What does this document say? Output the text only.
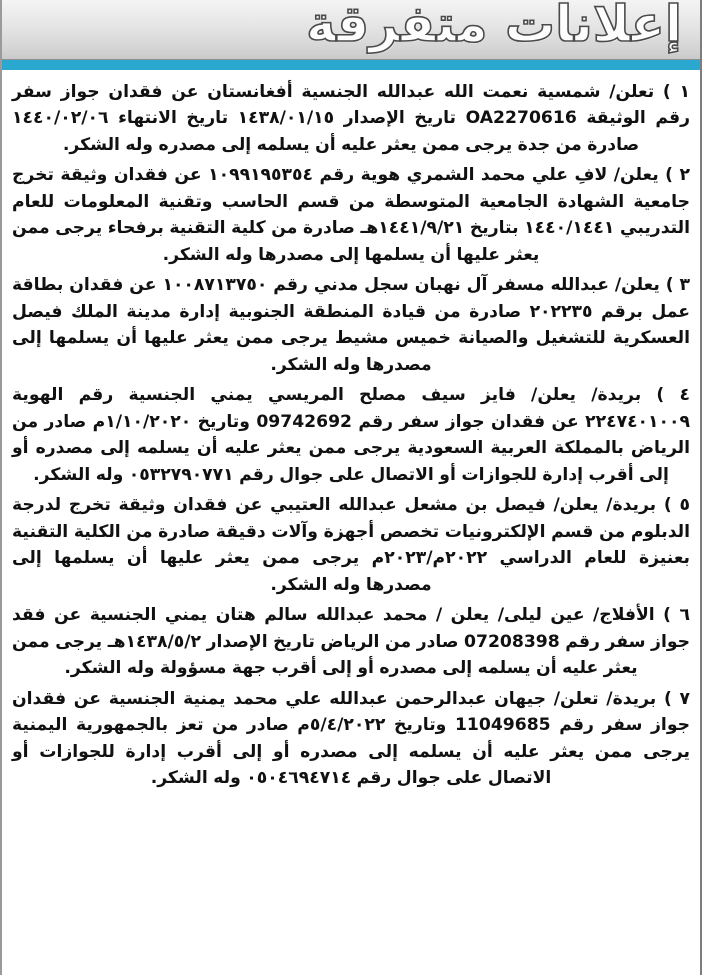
إعلانات متفرقة

١ ) تعلن/ شمسية نعمت الله عبدالله الجنسية أفغانستان عن فقدان جواز سفر رقم الوثيقة OA2270616 تاريخ الإصدار ١٤٣٨/٠١/١٥ تاريخ الانتهاء ١٤٤٠/٠٢/٠٦ صادرة من جدة يرجى ممن يعثر عليه أن يسلمه إلى مصدره وله الشكر.

٢ ) يعلن/ لافِ علي محمد الشمري هوية رقم ١٠٩٩١٩٥٣٥٤ عن فقدان وثيقة تخرج جامعية الشهادة الجامعية المتوسطة من قسم الحاسب وتقنية المعلومات للعام التدريبي ١٤٤٠/١٤٤١ بتاريخ ١٤٤١/٩/٢١هـ صادرة من كلية التقنية برفحاء يرجى ممن يعثر عليها أن يسلمها إلى مصدرها وله الشكر.

٣ ) يعلن/ عبدالله مسفر آل نهبان سجل مدني رقم ١٠٠٨٧١٣٧٥٠ عن فقدان بطاقة عمل برقم ٢٠٢٢٣٥ صادرة من قيادة المنطقة الجنوبية إدارة مدينة الملك فيصل العسكرية للتشغيل والصيانة خميس مشيط يرجى ممن يعثر عليها أن يسلمها إلى مصدرها وله الشكر.

٤ ) بريدة/ يعلن/ فايز سيف مصلح المريسي يمني الجنسية رقم الهوية ٢٢٤٧٤٠١٠٠٩ عن فقدان جواز سفر رقم 09742692 وتاريخ ١/١٠/٢٠٢٠م صادر من الرياض بالمملكة العربية السعودية يرجى ممن يعثر عليه أن يسلمه إلى مصدره أو إلى أقرب إدارة للجوازات أو الاتصال على جوال رقم ٠٥٣٢٧٩٠٧٧١ وله الشكر.

٥ ) بريدة/ يعلن/ فيصل بن مشعل عبدالله العتيبي عن فقدان وثيقة تخرج لدرجة الدبلوم من قسم الإلكترونيات تخصص أجهزة وآلات دقيقة صادرة من الكلية التقنية بعنيزة للعام الدراسي ٢٠٢٢م/٢٠٢٣م يرجى ممن يعثر عليها أن يسلمها إلى مصدرها وله الشكر.

٦ ) الأفلاج/ عين ليلى/ يعلن / محمد عبدالله سالم هتان يمني الجنسية عن فقد جواز سفر رقم 07208398 صادر من الرياض تاريخ الإصدار ١٤٣٨/٥/٢هـ يرجى ممن يعثر عليه أن يسلمه إلى مصدره أو إلى أقرب جهة مسؤولة وله الشكر.

٧ ) بريدة/ تعلن/ جيهان عبدالرحمن عبدالله علي محمد يمنية الجنسية عن فقدان جواز سفر رقم 11049685 وتاريخ ٥/٤/٢٠٢٢م صادر من تعز بالجمهورية اليمنية يرجى ممن يعثر عليه أن يسلمه إلى مصدره أو إلى أقرب إدارة للجوازات أو الاتصال على جوال رقم ٠٥٠٤٦٩٤٧١٤ وله الشكر.
